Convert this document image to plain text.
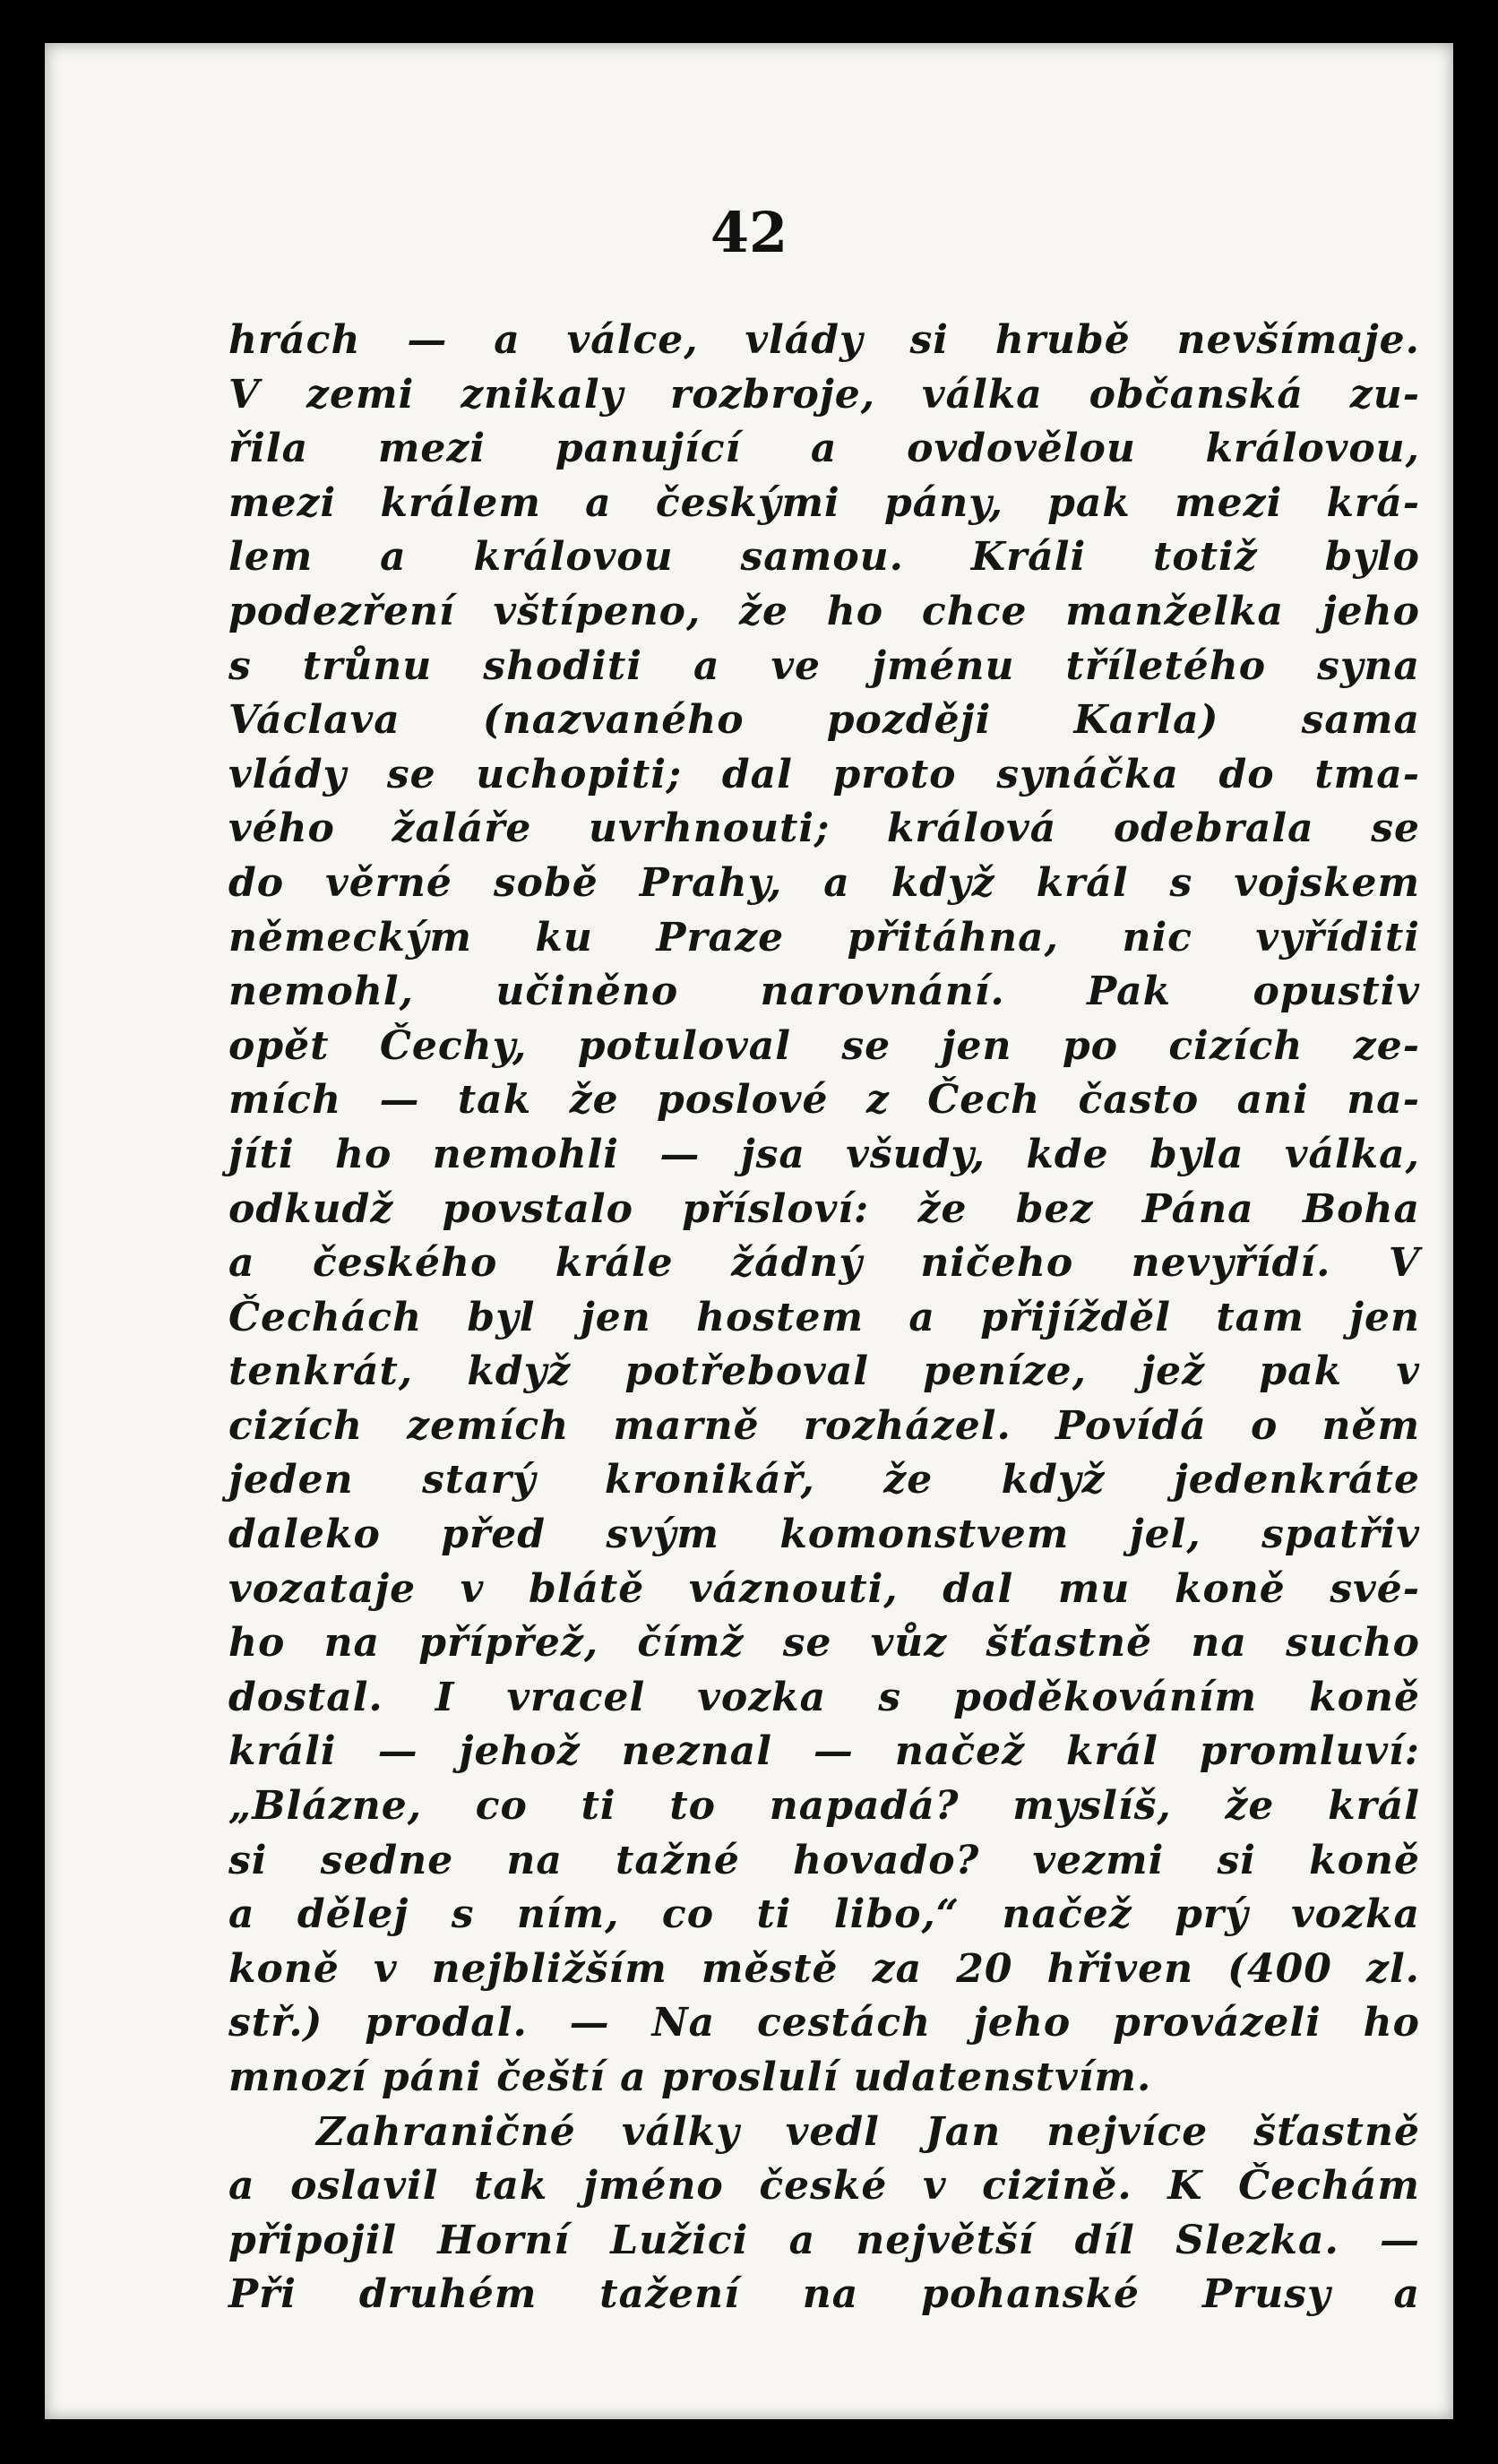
42
hrách — a válce, vlády si hrubě nevšímaje.
V zemi znikaly rozbroje, válka občanská zu-
řila mezi panující a ovdovělou královou,
mezi králem a českými pány, pak mezi krá-
lem a královou samou. Králi totiž bylo
podezření vštípeno, že ho chce manželka jeho
s trůnu shoditi a ve jménu tříletého syna
Václava (nazvaného později Karla) sama
vlády se uchopiti; dal proto synáčka do tma-
vého žaláře uvrhnouti; králová odebrala se
do věrné sobě Prahy, a když král s vojskem
německým ku Praze přitáhna, nic vyříditi
nemohl, učiněno narovnání. Pak opustiv
opět Čechy, potuloval se jen po cizích ze-
mích — tak že poslové z Čech často ani na-
jíti ho nemohli — jsa všudy, kde byla válka,
odkudž povstalo přísloví: že bez Pána Boha
a českého krále žádný ničeho nevyřídí. V
Čechách byl jen hostem a přijížděl tam jen
tenkrát, když potřeboval peníze, jež pak v
cizích zemích marně rozházel. Povídá o něm
jeden starý kronikář, že když jedenkráte
daleko před svým komonstvem jel, spatřiv
vozataje v blátě váznouti, dal mu koně své-
ho na přípřež, čímž se vůz šťastně na sucho
dostal. I vracel vozka s poděkováním koně
králi — jehož neznal — načež král promluví:
„Blázne, co ti to napadá? myslíš, že král
si sedne na tažné hovado? vezmi si koně
a dělej s ním, co ti libo,“ načež prý vozka
koně v nejbližším městě za 20 hřiven (400 zl.
stř.) prodal. — Na cestách jeho provázeli ho
mnozí páni čeští a proslulí udatenstvím.
Zahraničné války vedl Jan nejvíce šťastně
a oslavil tak jméno české v cizině. K Čechám
připojil Horní Lužici a největší díl Slezka. —
Při druhém tažení na pohanské Prusy a
